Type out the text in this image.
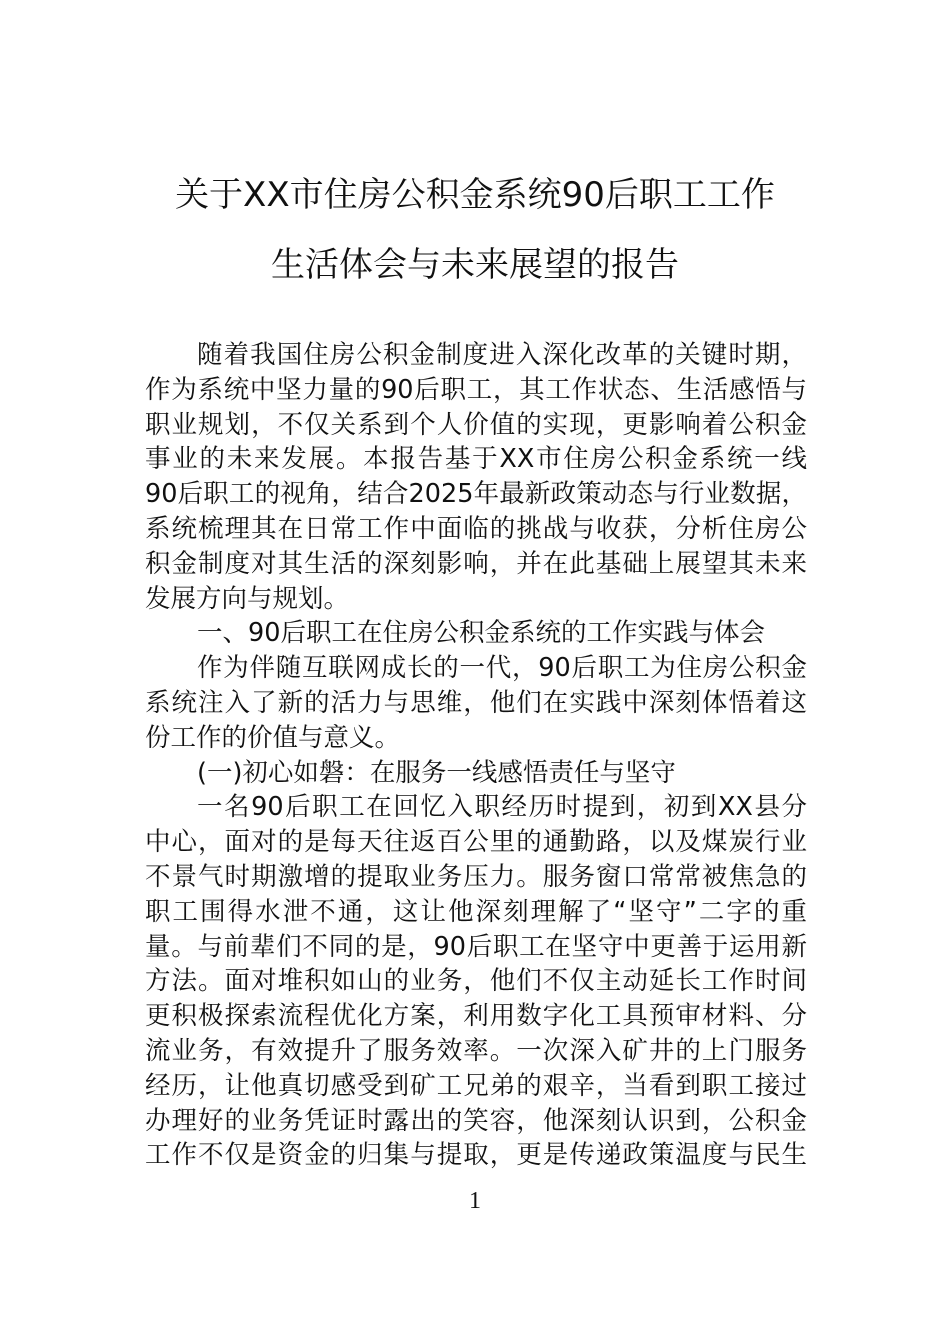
关于XX市住房公积金系统90后职工工作
生活体会与未来展望的报告
随着我国住房公积金制度进入深化改革的关键时期，
作为系统中坚力量的90后职工，其工作状态、生活感悟与
职业规划，不仅关系到个人价值的实现，更影响着公积金
事业的未来发展。本报告基于XX市住房公积金系统一线
90后职工的视角，结合2025年最新政策动态与行业数据，
系统梳理其在日常工作中面临的挑战与收获，分析住房公
积金制度对其生活的深刻影响，并在此基础上展望其未来
发展方向与规划。
一、90后职工在住房公积金系统的工作实践与体会
作为伴随互联网成长的一代，90后职工为住房公积金
系统注入了新的活力与思维，他们在实践中深刻体悟着这
份工作的价值与意义。
(一)初心如磐：在服务一线感悟责任与坚守
一名90后职工在回忆入职经历时提到，初到XX县分
中心，面对的是每天往返百公里的通勤路，以及煤炭行业
不景气时期激增的提取业务压力。服务窗口常常被焦急的
职工围得水泄不通，这让他深刻理解了“坚守”二字的重
量。与前辈们不同的是，90后职工在坚守中更善于运用新
方法。面对堆积如山的业务，他们不仅主动延长工作时间
更积极探索流程优化方案，利用数字化工具预审材料、分
流业务，有效提升了服务效率。一次深入矿井的上门服务
经历，让他真切感受到矿工兄弟的艰辛，当看到职工接过
办理好的业务凭证时露出的笑容，他深刻认识到，公积金
工作不仅是资金的归集与提取，更是传递政策温度与民生
1
